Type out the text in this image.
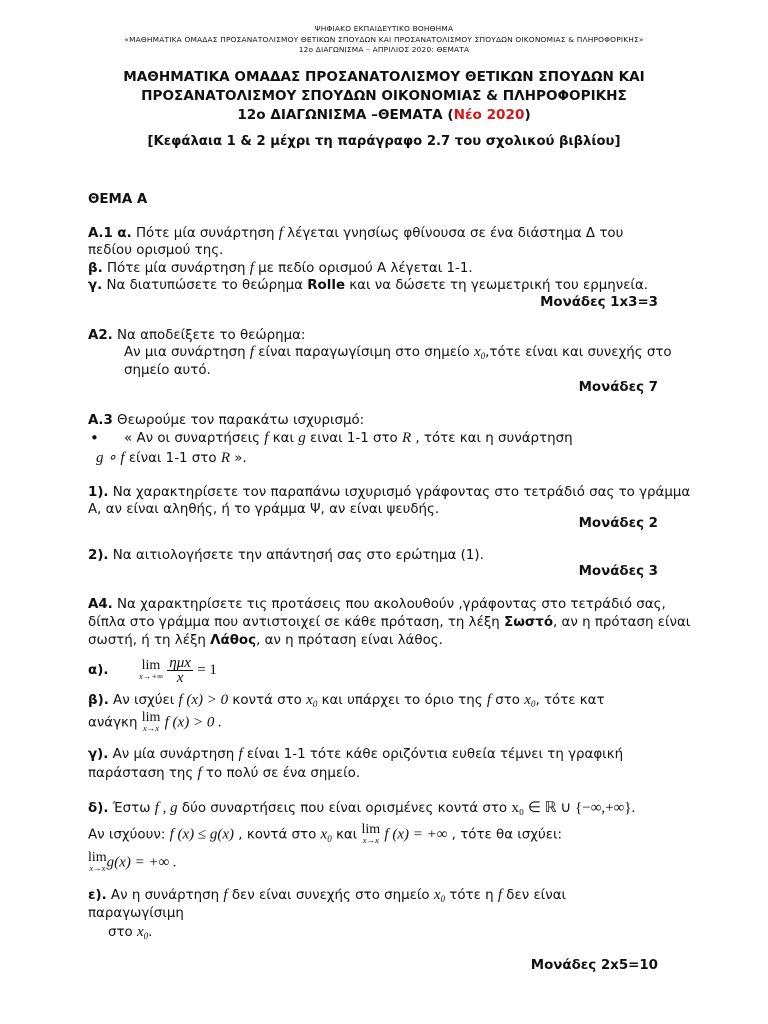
ΨΗΦΙΑΚΟ ΕΚΠΑΙΔΕΥΤΙΚΟ ΒΟΗΘΗΜΑ
«ΜΑΘΗΜΑΤΙΚΑ ΟΜΑΔΑΣ ΠΡΟΣΑΝΑΤΟΛΙΣΜΟΥ ΘΕΤΙΚΩΝ ΣΠΟΥΔΩΝ ΚΑΙ ΠΡΟΣΑΝΑΤΟΛΙΣΜΟΥ ΣΠΟΥΔΩΝ ΟΙΚΟΝΟΜΙΑΣ & ΠΛΗΡΟΦΟΡΙΚΗΣ»
12ο ΔΙΑΓΩΝΙΣΜΑ – ΑΠΡΙΛΙΟΣ 2020: ΘΕΜΑΤΑ
ΜΑΘΗΜΑΤΙΚΑ ΟΜΑΔΑΣ ΠΡΟΣΑΝΑΤΟΛΙΣΜΟΥ ΘΕΤΙΚΩΝ ΣΠΟΥΔΩΝ ΚΑΙ
ΠΡΟΣΑΝΑΤΟΛΙΣΜΟΥ ΣΠΟΥΔΩΝ ΟΙΚΟΝΟΜΙΑΣ & ΠΛΗΡΟΦΟΡΙΚΗΣ
12ο ΔΙΑΓΩΝΙΣΜΑ –ΘΕΜΑΤΑ (Νέο 2020)
[Κεφάλαια 1 & 2 μέχρι τη παράγραφο 2.7 του σχολικού βιβλίου]
ΘΕΜΑ Α
Α.1 α. Πότε μία συνάρτηση f λέγεται γνησίως φθίνουσα σε ένα διάστημα Δ του
πεδίου ορισμού της.
β. Πότε μία συνάρτηση f με πεδίο ορισμού Α λέγεται 1-1.
γ. Να διατυπώσετε το θεώρημα Rolle και να δώσετε τη γεωμετρική του ερμηνεία.
Μονάδες 1x3=3
Α2. Να αποδείξετε το θεώρημα:
Αν μια συνάρτηση f είναι παραγωγίσιμη στο σημείο $x_0,\tau ό\tau\varepsilon$ είναι και συνεχής στο
σημείο αυτό.
Μονάδες 7
Α.3 Θεωρούμε τον παρακάτω ισχυρισμό:
• « Αν οι συναρτήσεις f και g ειναι 1-1 στο R , τότε και η συνάρτηση
g ∘ f είναι 1-1 στο R ».
1). Να χαρακτηρίσετε τον παραπάνω ισχυρισμό γράφοντας στο τετράδιό σας το γράμμα
Α, αν είναι αληθής, ή το γράμμα Ψ, αν είναι ψευδής.
Μονάδες 2
2). Να αιτιολογήσετε την απάντησή σας στο ερώτημα (1).
Μονάδες 3
Α4. Να χαρακτηρίσετε τις προτάσεις που ακολουθούν ,γράφοντας στο τετράδιό σας,
δίπλα στο γράμμα που αντιστοιχεί σε κάθε πρόταση, τη λέξη Σωστό, αν η πρόταση είναι
σωστή, ή τη λέξη Λάθος, αν η πρόταση είναι λάθος.
α). lim
x→+∞
$\frac{\text{ημx}}{x} = 1$
β). Αν ισχύει f (x) > 0 κοντά στο $x_0$ και υπάρχει το όριο της f στο $x_0$, τότε κατ
ανάγκη lim
x→x f (x) > 0 .
γ). Αν μία συνάρτηση f είναι 1-1 τότε κάθε οριζόντια ευθεία τέμνει τη γραφική
παράσταση της f το πολύ σε ένα σημείο.
δ). Έστω f , g δύο συναρτήσεις που είναι ορισμένες κοντά στο x₀ ∈ ℝ ∪ {−∞,+∞}.
Αν ισχύουν: f (x) ≤ g(x) , κοντά στο $x_0$ και lim
x→x f (x) = +∞ , τότε θα ισχύει:
lim
x→x g(x) = +∞ .
ε). Αν η συνάρτηση f δεν είναι συνεχής στο σημείο $x_0$ τότε η f δεν είναι
παραγωγίσιμη
στο $x_0$.
Μονάδες 2x5=10
